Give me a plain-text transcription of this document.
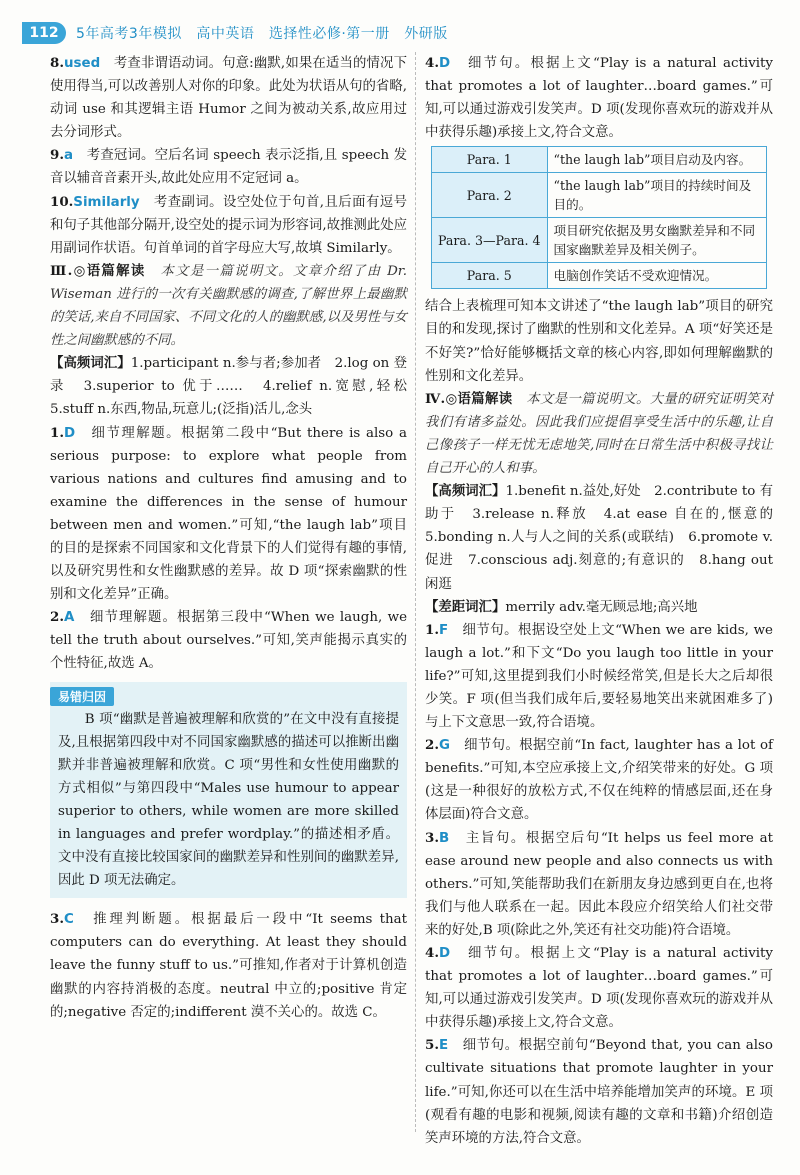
112	5年高考3年模拟　高中英语　选择性必修·第一册　外研版

8.used　考查非谓语动词。句意:幽默,如果在适当的情况下使用得当,可以改善别人对你的印象。此处为状语从句的省略,动词 use 和其逻辑主语 Humor 之间为被动关系,故应用过去分词形式。

9.a　考查冠词。空后名词 speech 表示泛指,且 speech 发音以辅音音素开头,故此处应用不定冠词 a。

10.Similarly　考查副词。设空处位于句首,且后面有逗号和句子其他部分隔开,设空处的提示词为形容词,故推测此处应用副词作状语。句首单词的首字母应大写,故填 Similarly。

Ⅲ.◎语篇解读　本文是一篇说明文。文章介绍了由 Dr. Wiseman 进行的一次有关幽默感的调查,了解世界上最幽默的笑话,来自不同国家、不同文化的人的幽默感,以及男性与女性之间幽默感的不同。

【高频词汇】1.participant n.参与者;参加者　2.log on 登录　3.superior to 优于……　4.relief n.宽慰,轻松　5.stuff n.东西,物品,玩意儿;(泛指)活儿,念头

1.D　细节理解题。根据第二段中“But there is also a serious purpose: to explore what people from various nations and cultures find amusing and to examine the differences in the sense of humour between men and women.”可知,“the laugh lab”项目的目的是探索不同国家和文化背景下的人们觉得有趣的事情,以及研究男性和女性幽默感的差异。故 D 项“探索幽默的性别和文化差异”正确。

2.A　细节理解题。根据第三段中“When we laugh, we tell the truth about ourselves.”可知,笑声能揭示真实的个性特征,故选 A。

易错归因

B 项“幽默是普遍被理解和欣赏的”在文中没有直接提及,且根据第四段中对不同国家幽默感的描述可以推断出幽默并非普遍被理解和欣赏。C 项“男性和女性使用幽默的方式相似”与第四段中“Males use humour to appear superior to others, while women are more skilled in languages and prefer wordplay.”的描述相矛盾。文中没有直接比较国家间的幽默差异和性别间的幽默差异,因此 D 项无法确定。

3.C　推理判断题。根据最后一段中“It seems that computers can do everything. At least they should leave the funny stuff to us.”可推知,作者对于计算机创造幽默的内容持消极的态度。neutral 中立的;positive 肯定的;negative 否定的;indifferent 漠不关心的。故选 C。

4.D　细节句。根据上文“Play is a natural activity that promotes a lot of laughter…board games.”可知,可以通过游戏引发笑声。D 项(发现你喜欢玩的游戏并从中获得乐趣)承接上文,符合文意。

Para. 1	“the laugh lab”项目启动及内容。
Para. 2	“the laugh lab”项目的持续时间及目的。
Para. 3—Para. 4	项目研究依据及男女幽默差异和不同国家幽默差异及相关例子。
Para. 5	电脑创作笑话不受欢迎情况。

结合上表梳理可知本文讲述了“the laugh lab”项目的研究目的和发现,探讨了幽默的性别和文化差异。A 项“好笑还是不好笑?”恰好能够概括文章的核心内容,即如何理解幽默的性别和文化差异。

Ⅳ.◎语篇解读　本文是一篇说明文。大量的研究证明笑对我们有诸多益处。因此我们应提倡享受生活中的乐趣,让自己像孩子一样无忧无虑地笑,同时在日常生活中积极寻找让自己开心的人和事。

【高频词汇】1.benefit n.益处,好处　2.contribute to 有助于　3.release n.释放　4.at ease 自在的,惬意的　5.bonding n.人与人之间的关系(或联结)　6.promote v. 促进　7.conscious adj.刻意的;有意识的　8.hang out 闲逛

【差距词汇】merrily adv.毫无顾忌地;高兴地

1.F　细节句。根据设空处上文“When we are kids, we laugh a lot.”和下文“Do you laugh too little in your life?”可知,这里提到我们小时候经常笑,但是长大之后却很少笑。F 项(但当我们成年后,要轻易地笑出来就困难多了)与上下文意思一致,符合语境。

2.G　细节句。根据空前“In fact, laughter has a lot of benefits.”可知,本空应承接上文,介绍笑带来的好处。G 项(这是一种很好的放松方式,不仅在纯粹的情感层面,还在身体层面)符合文意。

3.B　主旨句。根据空后句“It helps us feel more at ease around new people and also connects us with others.”可知,笑能帮助我们在新朋友身边感到更自在,也将我们与他人联系在一起。因此本段应介绍笑给人们社交带来的好处,B 项(除此之外,笑还有社交功能)符合语境。

4.D　细节句。根据上文“Play is a natural activity that promotes a lot of laughter…board games.”可知,可以通过游戏引发笑声。D 项(发现你喜欢玩的游戏并从中获得乐趣)承接上文,符合文意。

5.E　细节句。根据空前句“Beyond that, you can also cultivate situations that promote laughter in your life.”可知,你还可以在生活中培养能增加笑声的环境。E 项(观看有趣的电影和视频,阅读有趣的文章和书籍)介绍创造笑声环境的方法,符合文意。
